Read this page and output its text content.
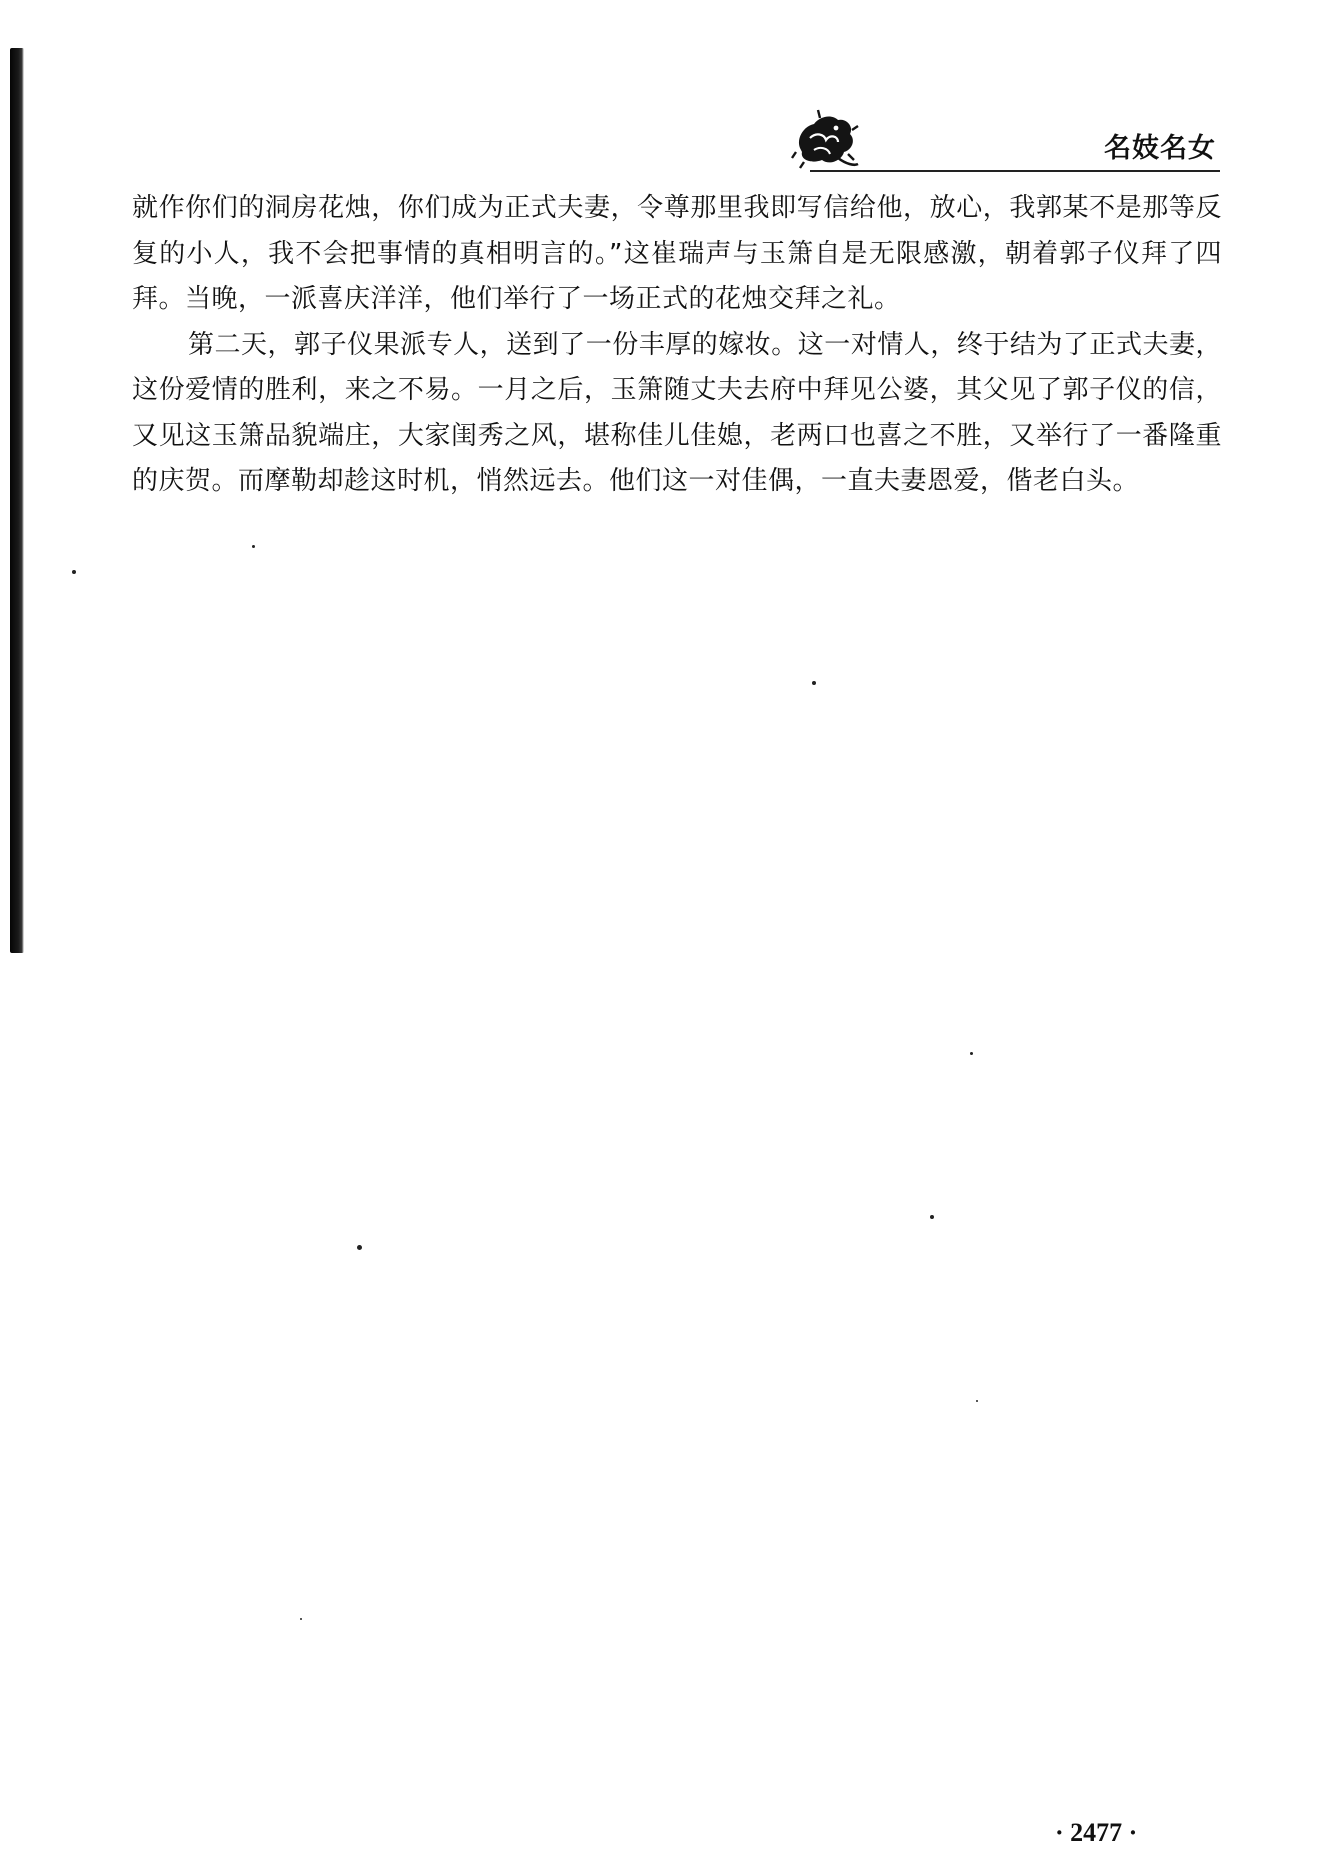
名妓名女

就作你们的洞房花烛，你们成为正式夫妻，令尊那里我即写信给他，放心，我郭某不是那等反复的小人，我不会把事情的真相明言的。”这崔瑞声与玉箫自是无限感激，朝着郭子仪拜了四拜。当晚，一派喜庆洋洋，他们举行了一场正式的花烛交拜之礼。

第二天，郭子仪果派专人，送到了一份丰厚的嫁妆。这一对情人，终于结为了正式夫妻，这份爱情的胜利，来之不易。一月之后，玉箫随丈夫去府中拜见公婆，其父见了郭子仪的信，又见这玉箫品貌端庄，大家闺秀之风，堪称佳儿佳媳，老两口也喜之不胜，又举行了一番隆重的庆贺。而摩勒却趁这时机，悄然远去。他们这一对佳偶，一直夫妻恩爱，偕老白头。

· 2477 ·
